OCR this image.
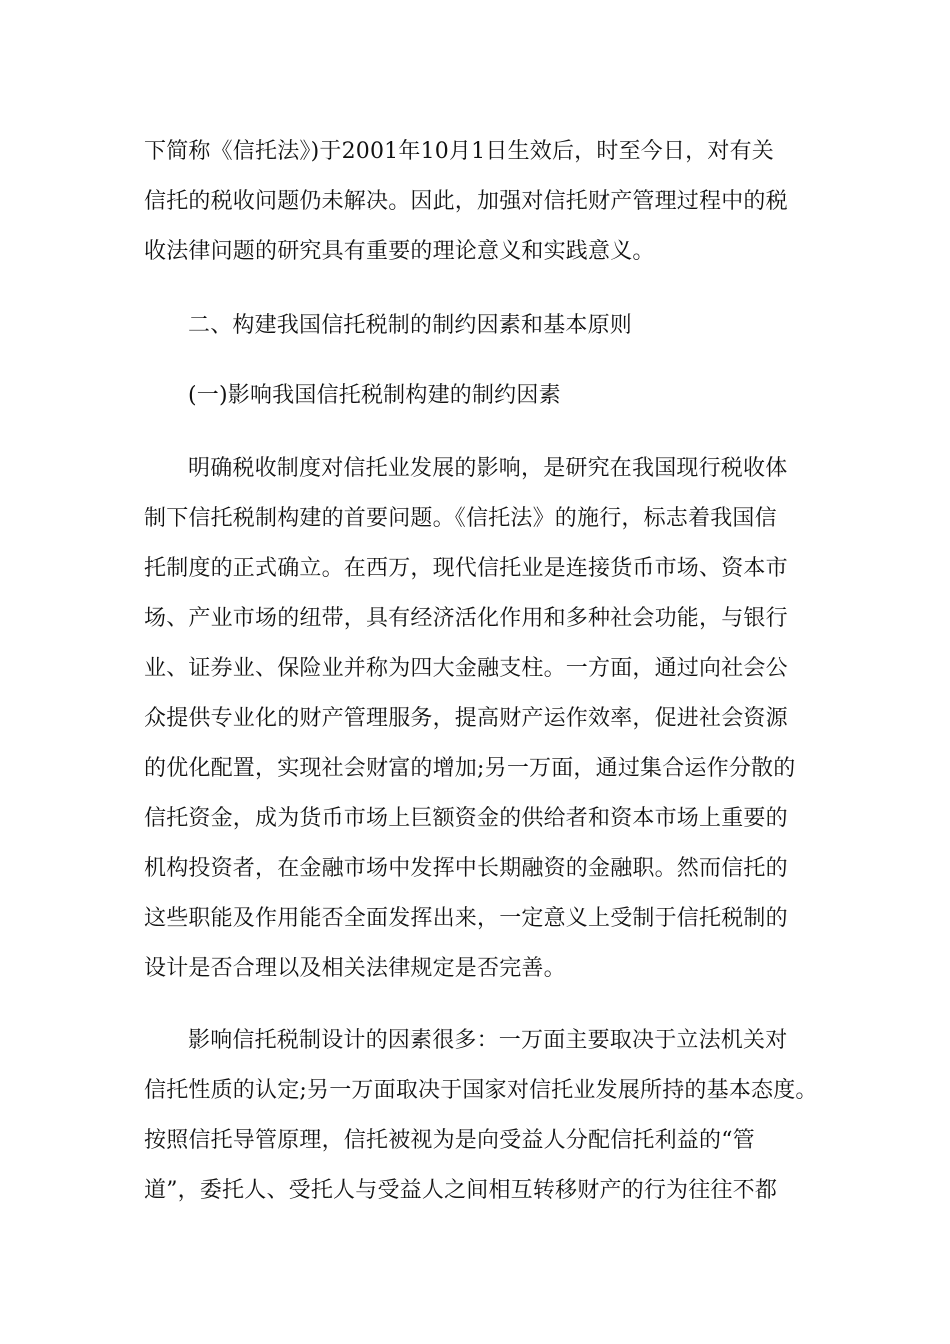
下简称《信托法》)于2001年10月1日生效后，时至今日，对有关
信托的税收问题仍未解决。因此，加强对信托财产管理过程中的税
收法律问题的研究具有重要的理论意义和实践意义。
二、构建我国信托税制的制约因素和基本原则
(一)影响我国信托税制构建的制约因素
明确税收制度对信托业发展的影响，是研究在我国现行税收体
制下信托税制构建的首要问题。《信托法》的施行，标志着我国信
托制度的正式确立。在西万，现代信托业是连接货币市场、资本市
场、产业市场的纽带，具有经济活化作用和多种社会功能，与银行
业、证券业、保险业并称为四大金融支柱。一方面，通过向社会公
众提供专业化的财产管理服务，提高财产运作效率，促进社会资源
的优化配置，实现社会财富的增加;另一万面，通过集合运作分散的
信托资金，成为货币市场上巨额资金的供给者和资本市场上重要的
机构投资者，在金融市场中发挥中长期融资的金融职。然而信托的
这些职能及作用能否全面发挥出来，一定意义上受制于信托税制的
设计是否合理以及相关法律规定是否完善。
影响信托税制设计的因素很多：一万面主要取决于立法机关对
信托性质的认定;另一万面取决于国家对信托业发展所持的基本态度。
按照信托导管原理，信托被视为是向受益人分配信托利益的“管
道”，委托人、受托人与受益人之间相互转移财产的行为往往不都
